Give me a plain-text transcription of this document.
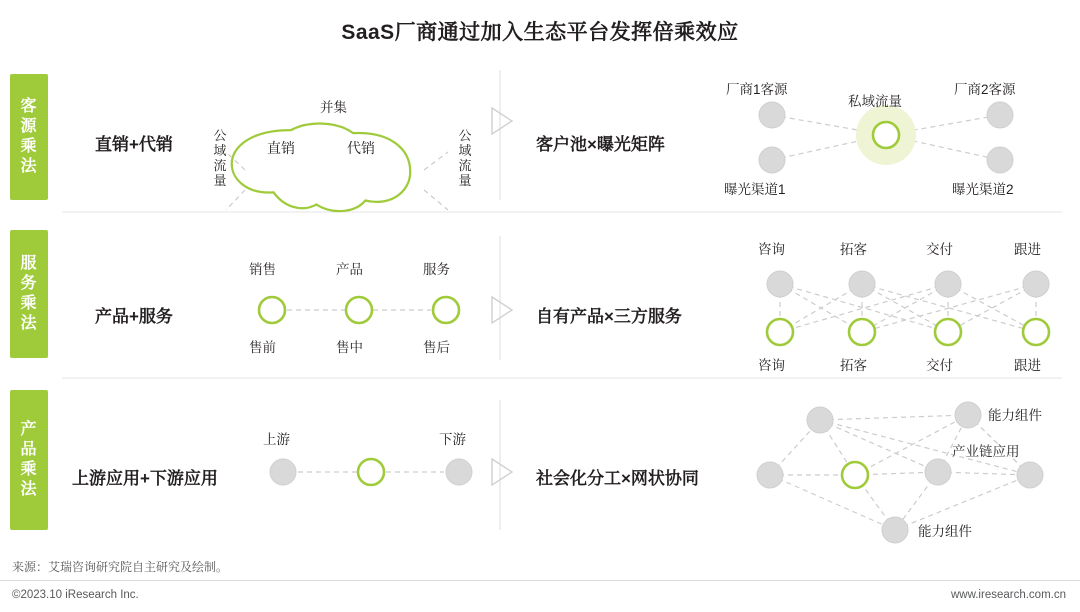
SaaS厂商通过加入生态平台发挥倍乘效应
客
源
乘
法
直销+代销
并集
公
域
流
量
公
域
流
量
直销	代销	客户池×曝光矩阵
厂商1客源
私域流量
厂商2客源
曝光渠道1	曝光渠道2
服
务
乘
法	产品+服务
销售	产品	服务
售前	售中	售后
自有产品×三方服务
咨询	拓客	交付	跟进
咨询	拓客	交付	跟进
产
品
乘
法
上游应用+下游应用
上游	下游
社会化分工×网状协同
能力组件
产业链应用
能力组件
来源：艾瑞咨询研究院自主研究及绘制。
©2023.10 iResearch Inc.	www.iresearch.com.cn
